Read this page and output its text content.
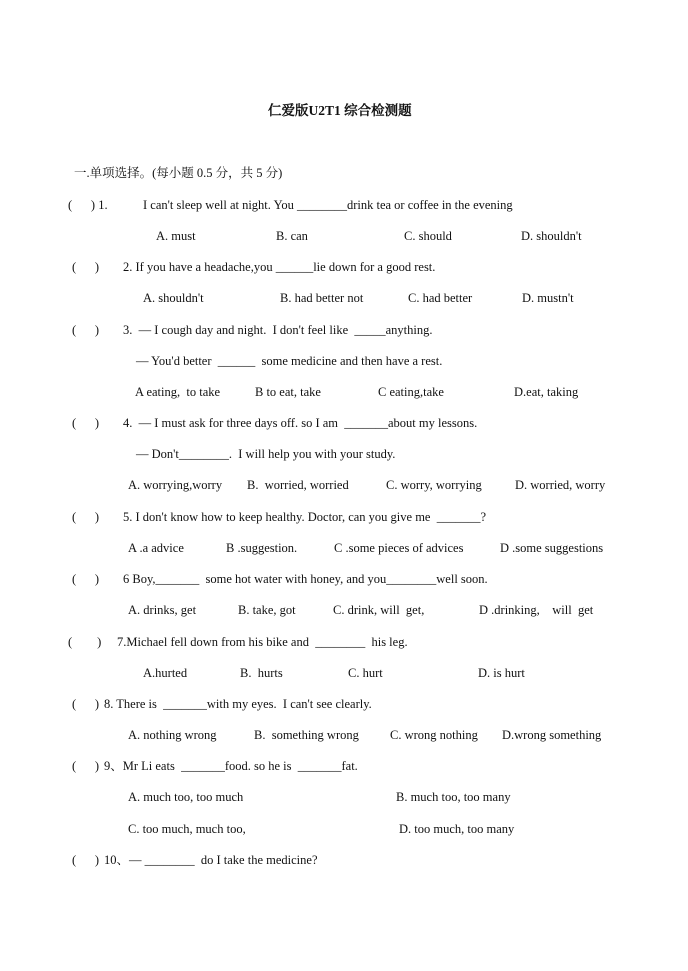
仁爱版U2T1 综合检测题
一.单项选择。(每小题 0.5 分，共 5 分)
(      ) 1.	I can't sleep well at night. You ________drink tea or coffee in the evening
A. must	B. can	C. should	D. shouldn't
(      ) 2. If you have a headache,you ______lie down for a good rest.
A. shouldn't	B. had better not	C. had better	D. mustn't
(      ) 3.  — I cough day and night.  I don't feel like  _____anything.
— You'd better  ______  some medicine and then have a rest.
A eating,  to take	B to eat, take	C eating,take	D.eat, taking
(      ) 4.  — I must ask for three days off. so I am  _______about my lessons.
— Don't________.  I will help you with your study.
A. worrying,worry B.  worried, worried	C. worry, worrying	D. worried, worry
(      ) 5. I don't know how to keep healthy. Doctor, can you give me  _______?
A .a advice	B .suggestion.	C .some pieces of advices	D .some suggestions
(      ) 6 Boy,_______  some hot water with honey, and you________well soon.
A. drinks, get	B. take, got	C. drink, will  get,	D .drinking,    will  get
(        ) 7.Michael fell down from his bike and  ________  his leg.
A.hurted	B.  hurts	C. hurt	D. is hurt
(      ) 8. There is  _______with my eyes.  I can't see clearly.
A. nothing wrong	B.  something wrong C. wrong nothing D.wrong something
(      ) 9、Mr Li eats  _______food. so he is  _______fat.
A. much too, too much	B. much too, too many
C. too much, much too,	D. too much, too many
(      ) 10、— ________  do I take the medicine?
